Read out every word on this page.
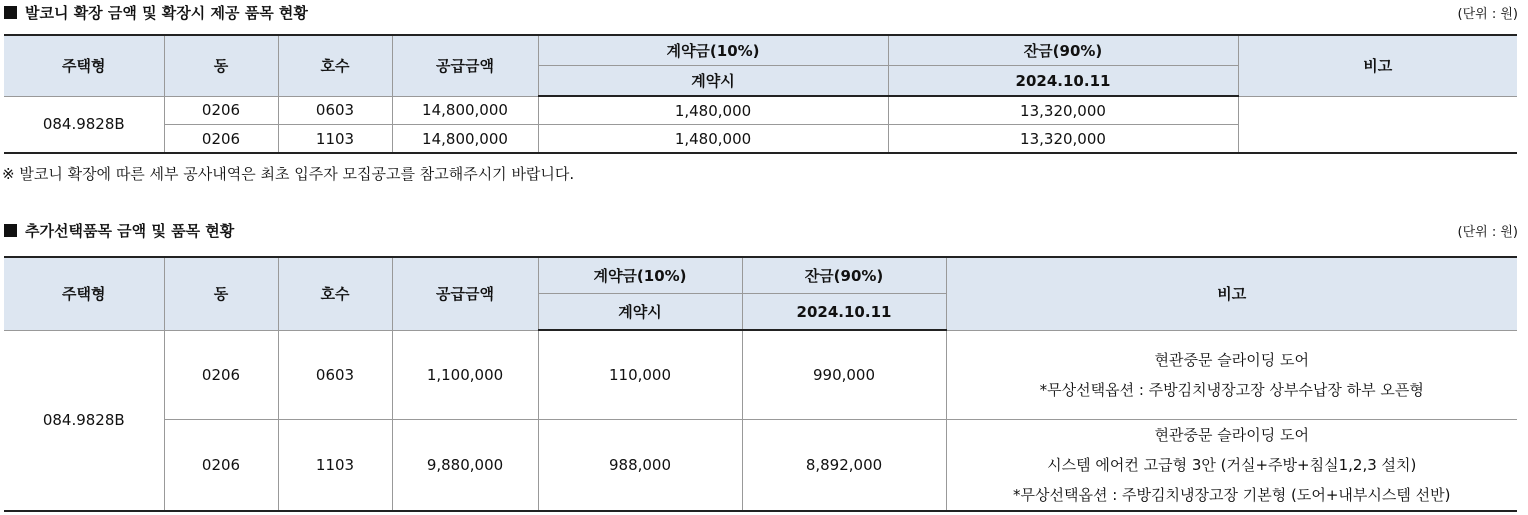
발코니 확장 금액 및 확장시 제공 품목 현황	(단위 : 원)
주택형	동	호수	공급금액	계약금(10%)	잔금(90%)	비고
				계약시	2024.10.11	
084.9828B	0206	0603	14,800,000	1,480,000	13,320,000	
	0206	1103	14,800,000	1,480,000	13,320,000	
※ 발코니 확장에 따른 세부 공사내역은 최초 입주자 모집공고를 참고해주시기 바랍니다.
추가선택품목 금액 및 품목 현황	(단위 : 원)
주택형	동	호수	공급금액	계약금(10%)	잔금(90%)	비고
				계약시	2024.10.11	
084.9828B	0206	0603	1,100,000	110,000	990,000	현관중문 슬라이딩 도어
*무상선택옵션 : 주방김치냉장고장 상부수납장 하부 오픈형

	0206	1103	9,880,000	988,000	8,892,000	현관중문 슬라이딩 도어
시스템 에어컨 고급형 3안 (거실+주방+침실1,2,3 설치)
*무상선택옵션 : 주방김치냉장고장 기본형 (도어+내부시스템 선반)
